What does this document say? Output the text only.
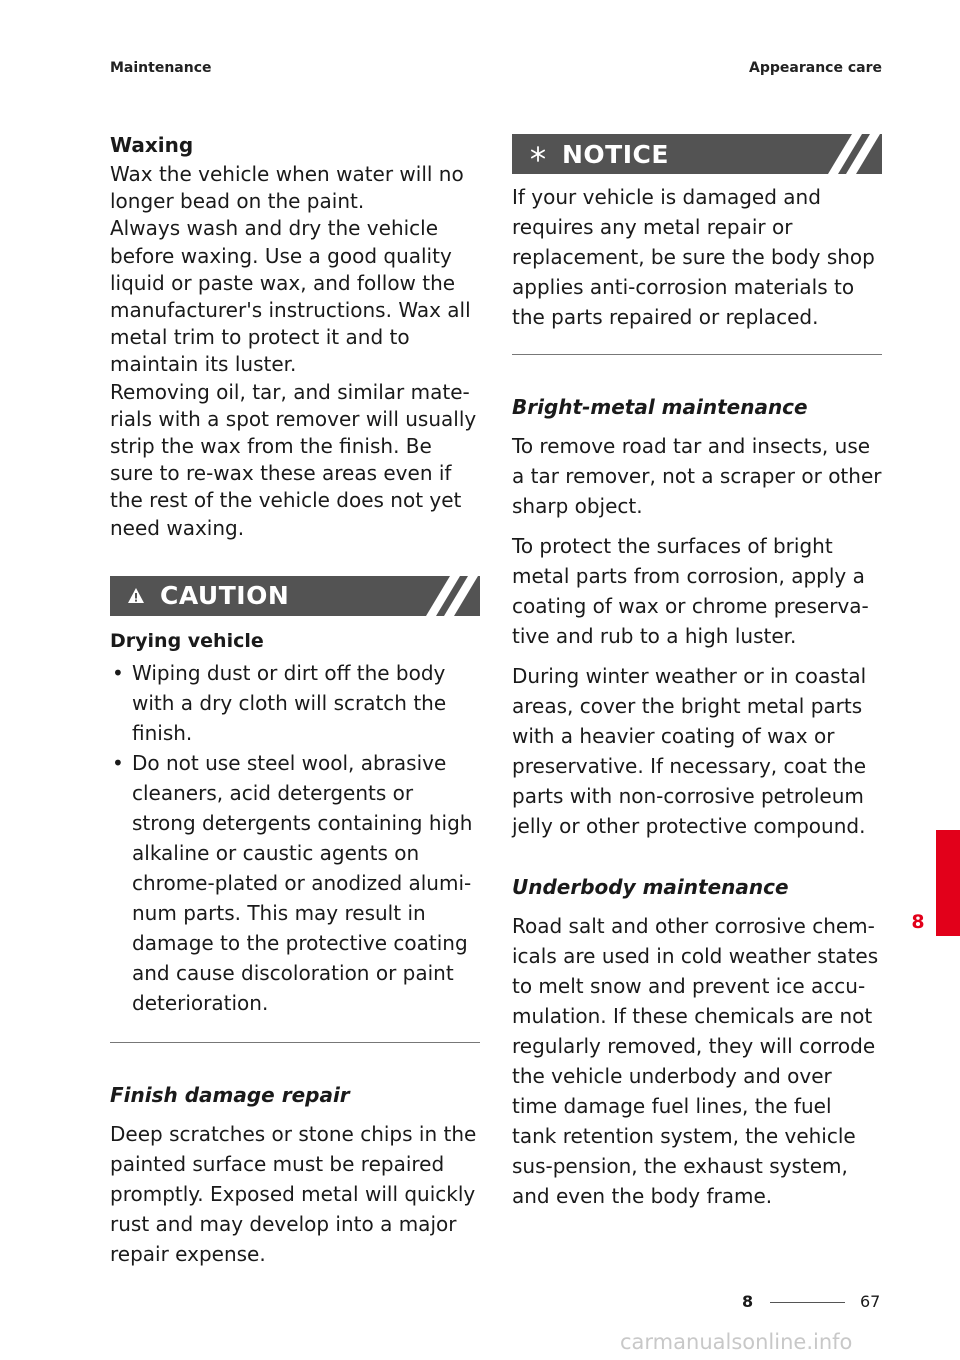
Maintenance	Appearance care
Waxing

Wax the vehicle when water will no

longer bead on the paint.

Always wash and dry the vehicle

before waxing. Use a good quality

liquid or paste wax, and follow the

manufacturer's instructions. Wax all

metal trim to protect it and to

maintain its luster.

Removing oil, tar, and similar mate-

rials with a spot remover will usually

strip the wax from the finish. Be

sure to re-wax these areas even if

the rest of the vehicle does not yet

need waxing.

CAUTION
Drying vehicle
• Wiping dust or dirt off the body with a dry cloth will scratch the finish.
• Do not use steel wool, abrasive cleaners, acid detergents or strong detergents containing high alkaline or caustic agents on chrome-plated or anodized alumi-num parts. This may result in damage to the protective coating and cause discoloration or paint deterioration.
Finish damage repair

Deep scratches or stone chips in the painted surface must be repaired promptly. Exposed metal will quickly rust and may develop into a major repair expense.

NOTICE

If your vehicle is damaged and requires any metal repair or replacement, be sure the body shop applies anti-corrosion materials to the parts repaired or replaced.

Bright-metal maintenance

To remove road tar and insects, use a tar remover, not a scraper or other sharp object.

To protect the surfaces of bright metal parts from corrosion, apply a coating of wax or chrome preserva-tive and rub to a high luster.

During winter weather or in coastal areas, cover the bright metal parts with a heavier coating of wax or preservative. If necessary, coat the parts with non-corrosive petroleum jelly or other protective compound.

Underbody maintenance

Road salt and other corrosive chem-icals are used in cold weather states to melt snow and prevent ice accu-mulation. If these chemicals are not regularly removed, they will corrode the vehicle underbody and over time damage fuel lines, the fuel tank retention system, the vehicle sus-pension, the exhaust system, and even the body frame.

8
8	67
carmanualsonline.info
